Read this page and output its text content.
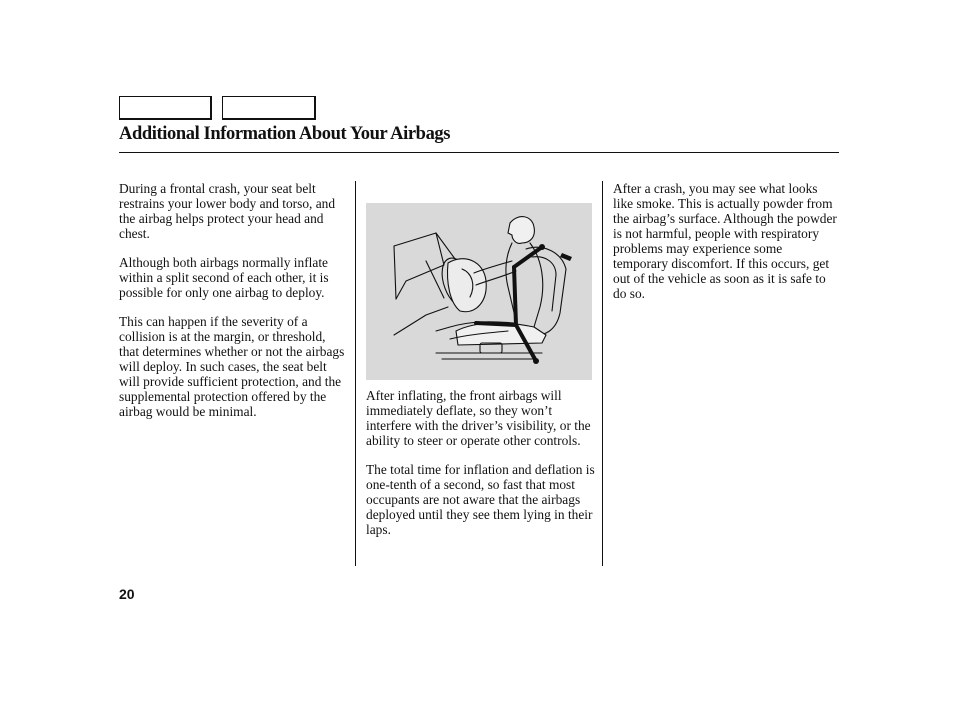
Additional Information About Your Airbags

During a frontal crash, your seat belt restrains your lower body and torso, and the airbag helps protect your head and chest.

Although both airbags normally inflate within a split second of each other, it is possible for only one airbag to deploy.

This can happen if the severity of a collision is at the margin, or threshold, that determines whether or not the airbags will deploy. In such cases, the seat belt will provide sufficient protection, and the supplemental protection offered by the airbag would be minimal.

After inflating, the front airbags will immediately deflate, so they won’t interfere with the driver’s visibility, or the ability to steer or operate other controls.

The total time for inflation and deflation is one-tenth of a second, so fast that most occupants are not aware that the airbags deployed until they see them lying in their laps.

After a crash, you may see what looks like smoke. This is actually powder from the airbag’s surface. Although the powder is not harmful, people with respiratory problems may experience some temporary discomfort. If this occurs, get out of the vehicle as soon as it is safe to do so.

20
